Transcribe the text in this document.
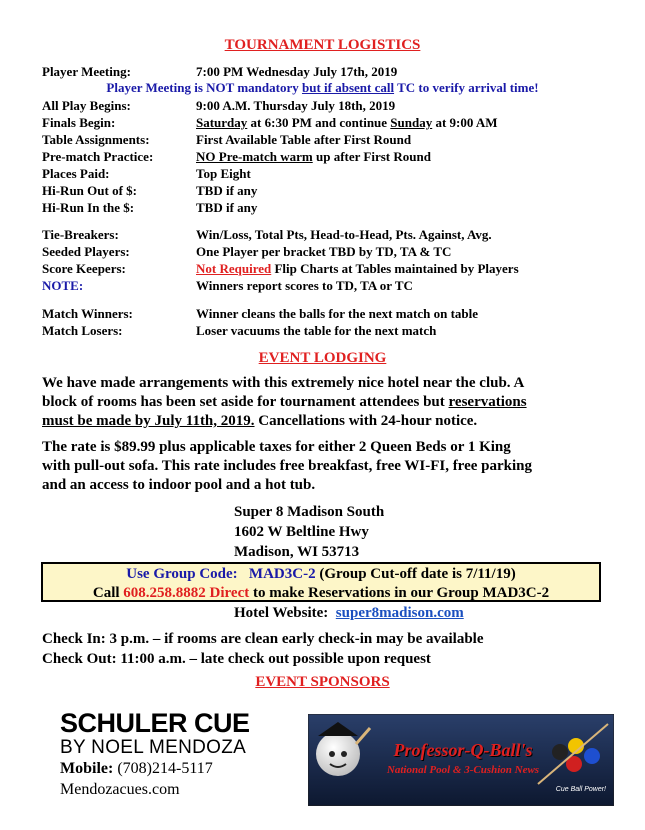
TOURNAMENT LOGISTICS
Player Meeting:	7:00 PM Wednesday July 17th, 2019
Player Meeting is NOT mandatory but if absent call TC to verify arrival time!
All Play Begins:	9:00 A.M. Thursday July 18th, 2019
Finals Begin:	Saturday at 6:30 PM and continue Sunday at 9:00 AM
Table Assignments:	First Available Table after First Round
Pre-match Practice:	NO Pre-match warm up after First Round
Places Paid:	Top Eight
Hi-Run Out of $:	TBD if any
Hi-Run In the $:	TBD if any
Tie-Breakers:	Win/Loss, Total Pts, Head-to-Head, Pts. Against, Avg.
Seeded Players:	One Player per bracket TBD by TD, TA & TC
Score Keepers:	Not Required Flip Charts at Tables maintained by Players
NOTE:	Winners report scores to TD, TA or TC
Match Winners:	Winner cleans the balls for the next match on table
Match Losers:	Loser vacuums the table for the next match
EVENT LODGING
We have made arrangements with this extremely nice hotel near the club. A
block of rooms has been set aside for tournament attendees but reservations
must be made by July 11th, 2019. Cancellations with 24-hour notice.
The rate is $89.99 plus applicable taxes for either 2 Queen Beds or 1 King
with pull-out sofa. This rate includes free breakfast, free WI-FI, free parking
and an access to indoor pool and a hot tub.
Super 8 Madison South
1602 W Beltline Hwy
Madison, WI 53713
Use Group Code: MAD3C-2 (Group Cut-off date is 7/11/19)
Call 608.258.8882 Direct to make Reservations in our Group MAD3C-2
Hotel Website: super8madison.com
Check In: 3 p.m. – if rooms are clean early check-in may be available
Check Out: 11:00 a.m. – late check out possible upon request
EVENT SPONSORS
SCHULER CUE
BY NOEL MENDOZA
Mobile: (708)214-5117
Mendozacues.com
Professor-Q-Ball's
National Pool & 3-Cushion News
Cue Ball Power!
